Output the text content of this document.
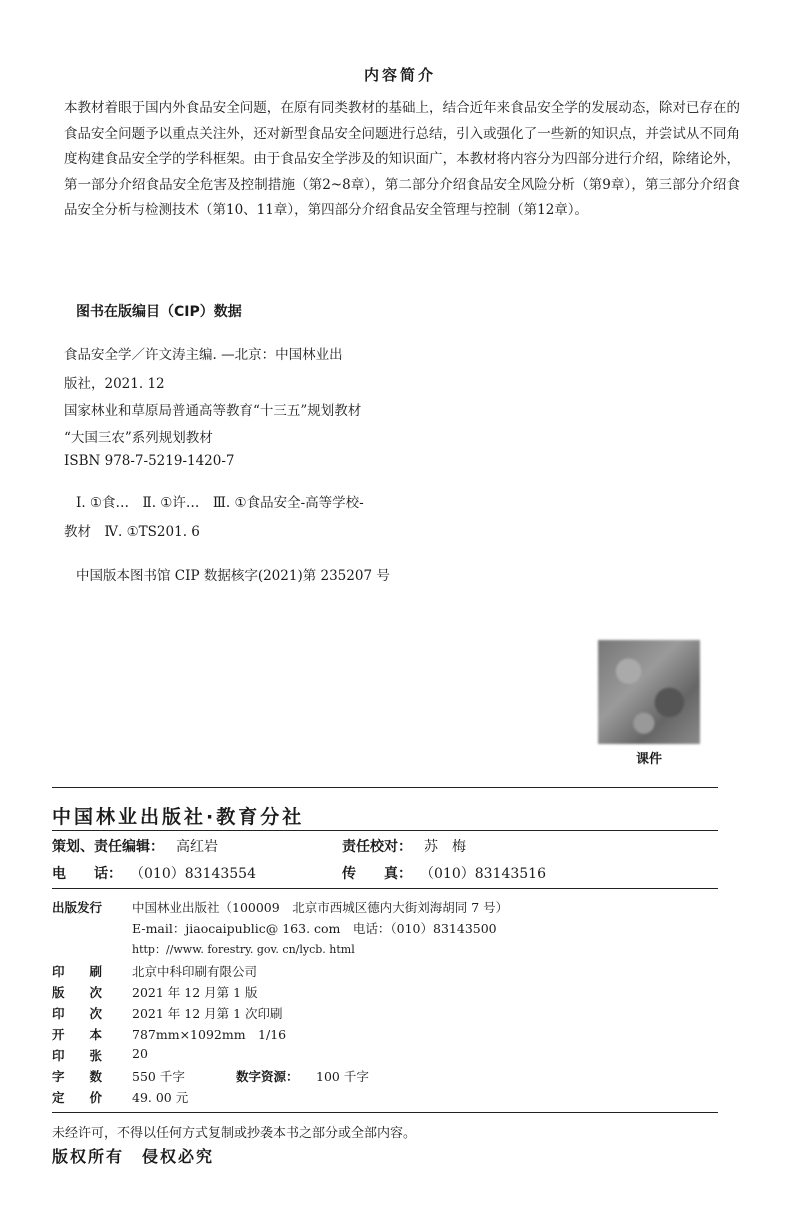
内容简介
本教材着眼于国内外食品安全问题，在原有同类教材的基础上，结合近年来食品安全学的发展动态，除对已存在的食品安全问题予以重点关注外，还对新型食品安全问题进行总结，引入或强化了一些新的知识点，并尝试从不同角度构建食品安全学的学科框架。由于食品安全学涉及的知识面广，本教材将内容分为四部分进行介绍，除绪论外，第一部分介绍食品安全危害及控制措施（第2~8章），第二部分介绍食品安全风险分析（第9章），第三部分介绍食品安全分析与检测技术（第10、11章），第四部分介绍食品安全管理与控制（第12章）。
图书在版编目（CIP）数据
食品安全学／许文涛主编. —北京：中国林业出
版社，2021. 12
国家林业和草原局普通高等教育“十三五”规划教材
“大国三农”系列规划教材
ISBN 978-7-5219-1420-7
Ⅰ. ①食…　Ⅱ. ①许…　Ⅲ. ①食品安全-高等学校-
教材　Ⅳ. ①TS201. 6
中国版本图书馆 CIP 数据核字(2021)第 235207 号
课件
中国林业出版社·教育分社
策划、责任编辑： 高红岩	责任校对： 苏　梅
电　　话： （010）83143554	传　　真： （010）83143516
出版发行 中国林业出版社（100009　北京市西城区德内大街刘海胡同 7 号）
E-mail：jiaocaipublic@ 163. com　电话：（010）83143500
http：//www. forestry. gov. cn/lycb. html
印　　刷 北京中科印刷有限公司
版　　次 2021 年 12 月第 1 版
印　　次 2021 年 12 月第 1 次印刷
开　　本 787mm×1092mm　1/16
印　　张 20
字　　数 550 千字	数字资源： 100 千字
定　　价 49. 00 元
未经许可，不得以任何方式复制或抄袭本书之部分或全部内容。
版权所有　侵权必究
